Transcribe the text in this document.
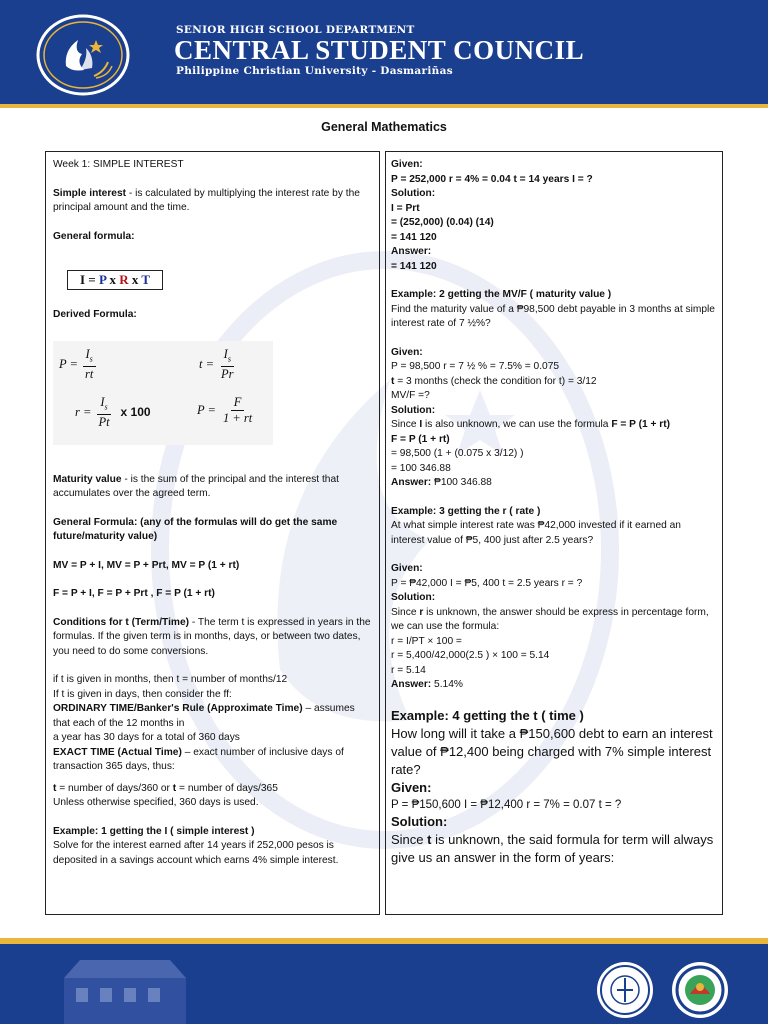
SENIOR HIGH SCHOOL DEPARTMENT
CENTRAL STUDENT COUNCIL
Philippine Christian University - Dasmariñas
General Mathematics

Week 1: SIMPLE INTEREST

Simple interest - is calculated by multiplying the interest rate by the principal amount and the time.

General formula:

I = P x R x T

Derived Formula:

$P = \frac{I_s}{rt}$	$t = \frac{I_s}{Pr}$
$r = \frac{I_s}{Pt}$ x 100	$P = \frac{F}{1 + rt}$

Maturity value - is the sum of the principal and the interest that accumulates over the agreed term.

General Formula: (any of the formulas will do get the same future/maturity value)

MV = P + I, MV = P + Prt, MV = P (1 + rt)

F = P + I, F = P + Prt , F = P (1 + rt)

Conditions for t (Term/Time) - The term t is expressed in years in the formulas. If the given term is in months, days, or between two dates, you need to do some conversions.

if t is given in months, then t = number of months/12

If t is given in days, then consider the ff:

ORDINARY TIME/Banker's Rule (Approximate Time) – assumes that each of the 12 months in

a year has 30 days for a total of 360 days

EXACT TIME (Actual Time) – exact number of inclusive days of transaction 365 days, thus:

t = number of days/360 or t = number of days/365

Unless otherwise specified, 360 days is used.

Example: 1 getting the I ( simple interest )

Solve for the interest earned after 14 years if 252,000 pesos is deposited in a savings account which earns 4% simple interest.

Given:

P = 252,000 r = 4% = 0.04 t = 14 years I = ?

Solution:

I = Prt

= (252,000) (0.04) (14)

= 141 120

Answer:

= 141 120

Example: 2 getting the MV/F ( maturity value )

Find the maturity value of a ₱98,500 debt payable in 3 months at simple interest rate of 7 ½%?

Given:

P = 98,500 r = 7 ½ % = 7.5% = 0.075

t = 3 months (check the condition for t) = 3/12

MV/F =?

Solution:

Since I is also unknown, we can use the formula F = P (1 + rt)

F = P (1 + rt)

= 98,500 (1 + (0.075 x 3/12) )

= 100 346.88

Answer: ₱100 346.88

Example: 3 getting the r ( rate )

At what simple interest rate was ₱42,000 invested if it earned an interest value of ₱5, 400 just after 2.5 years?

Given:

P = ₱42,000 I = ₱5, 400 t = 2.5 years r = ?

Solution:

Since r is unknown, the answer should be express in percentage form, we can use the formula:

r = I/PT × 100 =

r = 5,400/42,000(2.5 ) × 100 = 5.14

r = 5.14

Answer: 5.14%

Example: 4 getting the t ( time )

How long will it take a ₱150,600 debt to earn an interest value of ₱12,400 being charged with 7% simple interest rate?

Given:

P = ₱150,600 I = ₱12,400 r = 7% = 0.07 t = ?

Solution:

Since t is unknown, the said formula for term will always give us an answer in the form of years:
